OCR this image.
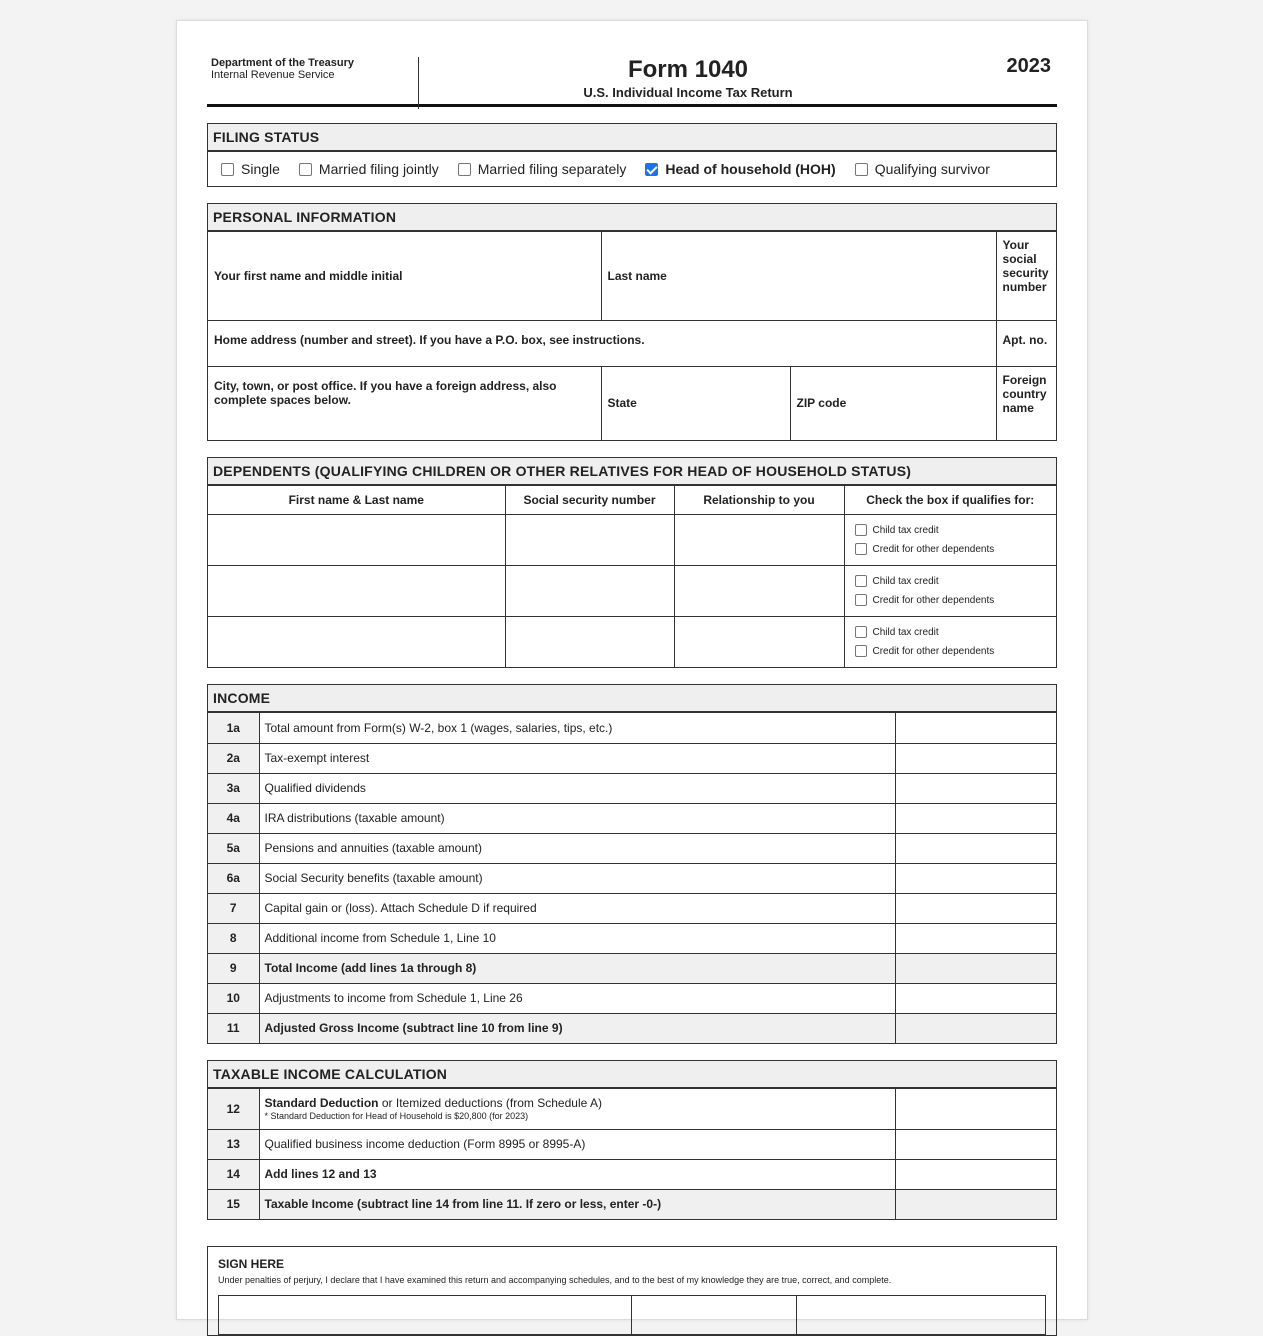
Department of the Treasury
Internal Revenue Service	Form 1040
U.S. Individual Income Tax Return
2023
FILING STATUS
Single	Married filing jointly	Married filing separately	Head of household (HOH)	Qualifying survivor
PERSONAL INFORMATION
Your first name and middle initial	Last name		Your social security number
Home address (number and street). If you have a P.O. box, see instructions.			Apt. no.
City, town, or post office. If you have a foreign address, also complete spaces below.	State	ZIP code	Foreign country name
DEPENDENTS (QUALIFYING CHILDREN OR OTHER RELATIVES FOR HEAD OF HOUSEHOLD STATUS)
First name & Last name	Social security number	Relationship to you	Check the box if qualifies for:

			Child tax credit
Credit for other dependents

			Child tax credit
Credit for other dependents

			Child tax credit
Credit for other dependents
INCOME
1a	Total amount from Form(s) W-2, box 1 (wages, salaries, tips, etc.)	
2a	Tax-exempt interest	
3a	Qualified dividends	
4a	IRA distributions (taxable amount)	
5a	Pensions and annuities (taxable amount)	
6a	Social Security benefits (taxable amount)	
7	Capital gain or (loss). Attach Schedule D if required	
8	Additional income from Schedule 1, Line 10	
9	Total Income (add lines 1a through 8)	
10	Adjustments to income from Schedule 1, Line 26	
11	Adjusted Gross Income (subtract line 10 from line 9)	
TAXABLE INCOME CALCULATION
12	Standard Deduction or Itemized deductions (from Schedule A)
* Standard Deduction for Head of Household is $20,800 (for 2023)	

13	Qualified business income deduction (Form 8995 or 8995-A)	
14	Add lines 12 and 13	
15	Taxable Income (subtract line 14 from line 11. If zero or less, enter -0-)	
SIGN HERE
Under penalties of perjury, I declare that I have examined this return and accompanying schedules, and to the best of my knowledge they are true, correct, and complete.
